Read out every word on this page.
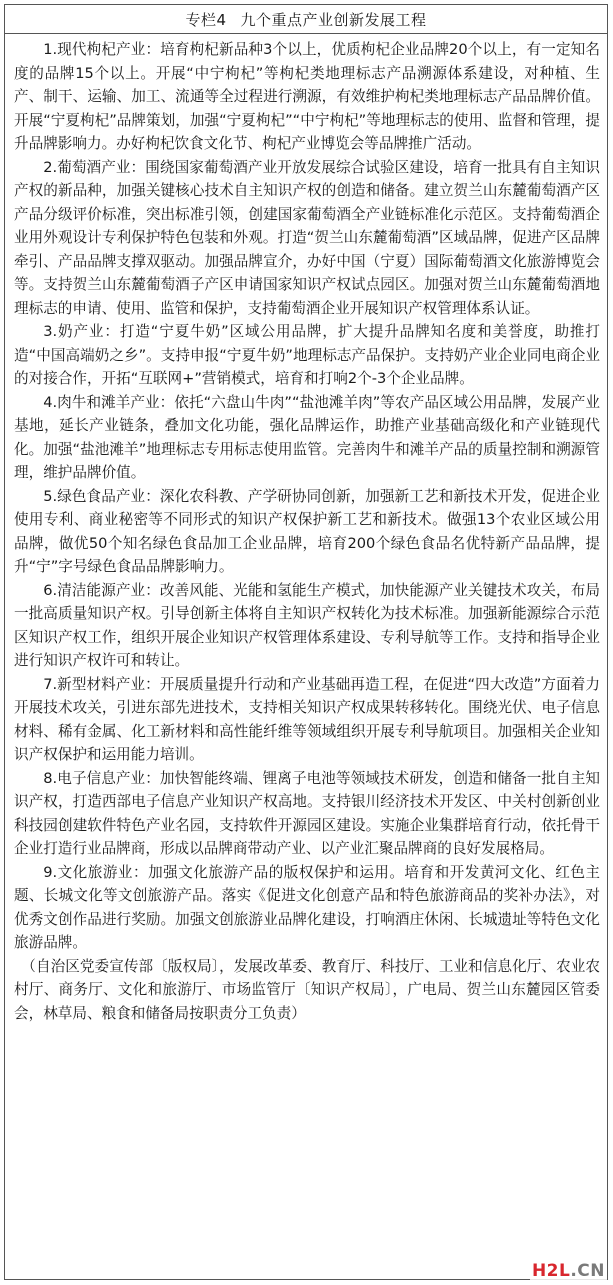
专栏4 九个重点产业创新发展工程

1.现代枸杞产业：培育枸杞新品种3个以上，优质枸杞企业品牌20个以上，有一定知名度的品牌15个以上。开展“中宁枸杞”等枸杞类地理标志产品溯源体系建设，对种植、生产、制干、运输、加工、流通等全过程进行溯源，有效维护枸杞类地理标志产品品牌价值。开展“宁夏枸杞”品牌策划，加强“宁夏枸杞”“中宁枸杞”等地理标志的使用、监督和管理，提升品牌影响力。办好枸杞饮食文化节、枸杞产业博览会等品牌推广活动。

2.葡萄酒产业：围绕国家葡萄酒产业开放发展综合试验区建设，培育一批具有自主知识产权的新品种，加强关键核心技术自主知识产权的创造和储备。建立贺兰山东麓葡萄酒产区产品分级评价标准，突出标准引领，创建国家葡萄酒全产业链标准化示范区。支持葡萄酒企业用外观设计专利保护特色包装和外观。打造“贺兰山东麓葡萄酒”区域品牌，促进产区品牌牵引、产品品牌支撑双驱动。加强品牌宣介，办好中国（宁夏）国际葡萄酒文化旅游博览会等。支持贺兰山东麓葡萄酒子产区申请国家知识产权试点园区。加强对贺兰山东麓葡萄酒地理标志的申请、使用、监管和保护，支持葡萄酒企业开展知识产权管理体系认证。

3.奶产业：打造“宁夏牛奶”区域公用品牌，扩大提升品牌知名度和美誉度，助推打造“中国高端奶之乡”。支持申报“宁夏牛奶”地理标志产品保护。支持奶产业企业同电商企业的对接合作，开拓“互联网+”营销模式，培育和打响2个-3个企业品牌。

4.肉牛和滩羊产业：依托“六盘山牛肉”“盐池滩羊肉”等农产品区域公用品牌，发展产业基地，延长产业链条，叠加文化功能，强化品牌运作，助推产业基础高级化和产业链现代化。加强“盐池滩羊”地理标志专用标志使用监管。完善肉牛和滩羊产品的质量控制和溯源管理，维护品牌价值。

5.绿色食品产业：深化农科教、产学研协同创新，加强新工艺和新技术开发，促进企业使用专利、商业秘密等不同形式的知识产权保护新工艺和新技术。做强13个农业区域公用品牌，做优50个知名绿色食品加工企业品牌，培育200个绿色食品名优特新产品品牌，提升“宁”字号绿色食品品牌影响力。

6.清洁能源产业：改善风能、光能和氢能生产模式，加快能源产业关键技术攻关，布局一批高质量知识产权。引导创新主体将自主知识产权转化为技术标准。加强新能源综合示范区知识产权工作，组织开展企业知识产权管理体系建设、专利导航等工作。支持和指导企业进行知识产权许可和转让。

7.新型材料产业：开展质量提升行动和产业基础再造工程，在促进“四大改造”方面着力开展技术攻关，引进东部先进技术，支持相关知识产权成果转移转化。围绕光伏、电子信息材料、稀有金属、化工新材料和高性能纤维等领域组织开展专利导航项目。加强相关企业知识产权保护和运用能力培训。

8.电子信息产业：加快智能终端、锂离子电池等领域技术研发，创造和储备一批自主知识产权，打造西部电子信息产业知识产权高地。支持银川经济技术开发区、中关村创新创业科技园创建软件特色产业名园，支持软件开源园区建设。实施企业集群培育行动，依托骨干企业打造行业品牌商，形成以品牌商带动产业、以产业汇聚品牌商的良好发展格局。

9.文化旅游业：加强文化旅游产品的版权保护和运用。培育和开发黄河文化、红色主题、长城文化等文创旅游产品。落实《促进文化创意产品和特色旅游商品的奖补办法》，对优秀文创作品进行奖励。加强文创旅游业品牌化建设，打响酒庄休闲、长城遗址等特色文化旅游品牌。

（自治区党委宣传部〔版权局〕，发展改革委、教育厅、科技厅、工业和信息化厅、农业农村厅、商务厅、文化和旅游厅、市场监管厅〔知识产权局〕，广电局、贺兰山东麓园区管委会，林草局、粮食和储备局按职责分工负责）

H2L.CN
